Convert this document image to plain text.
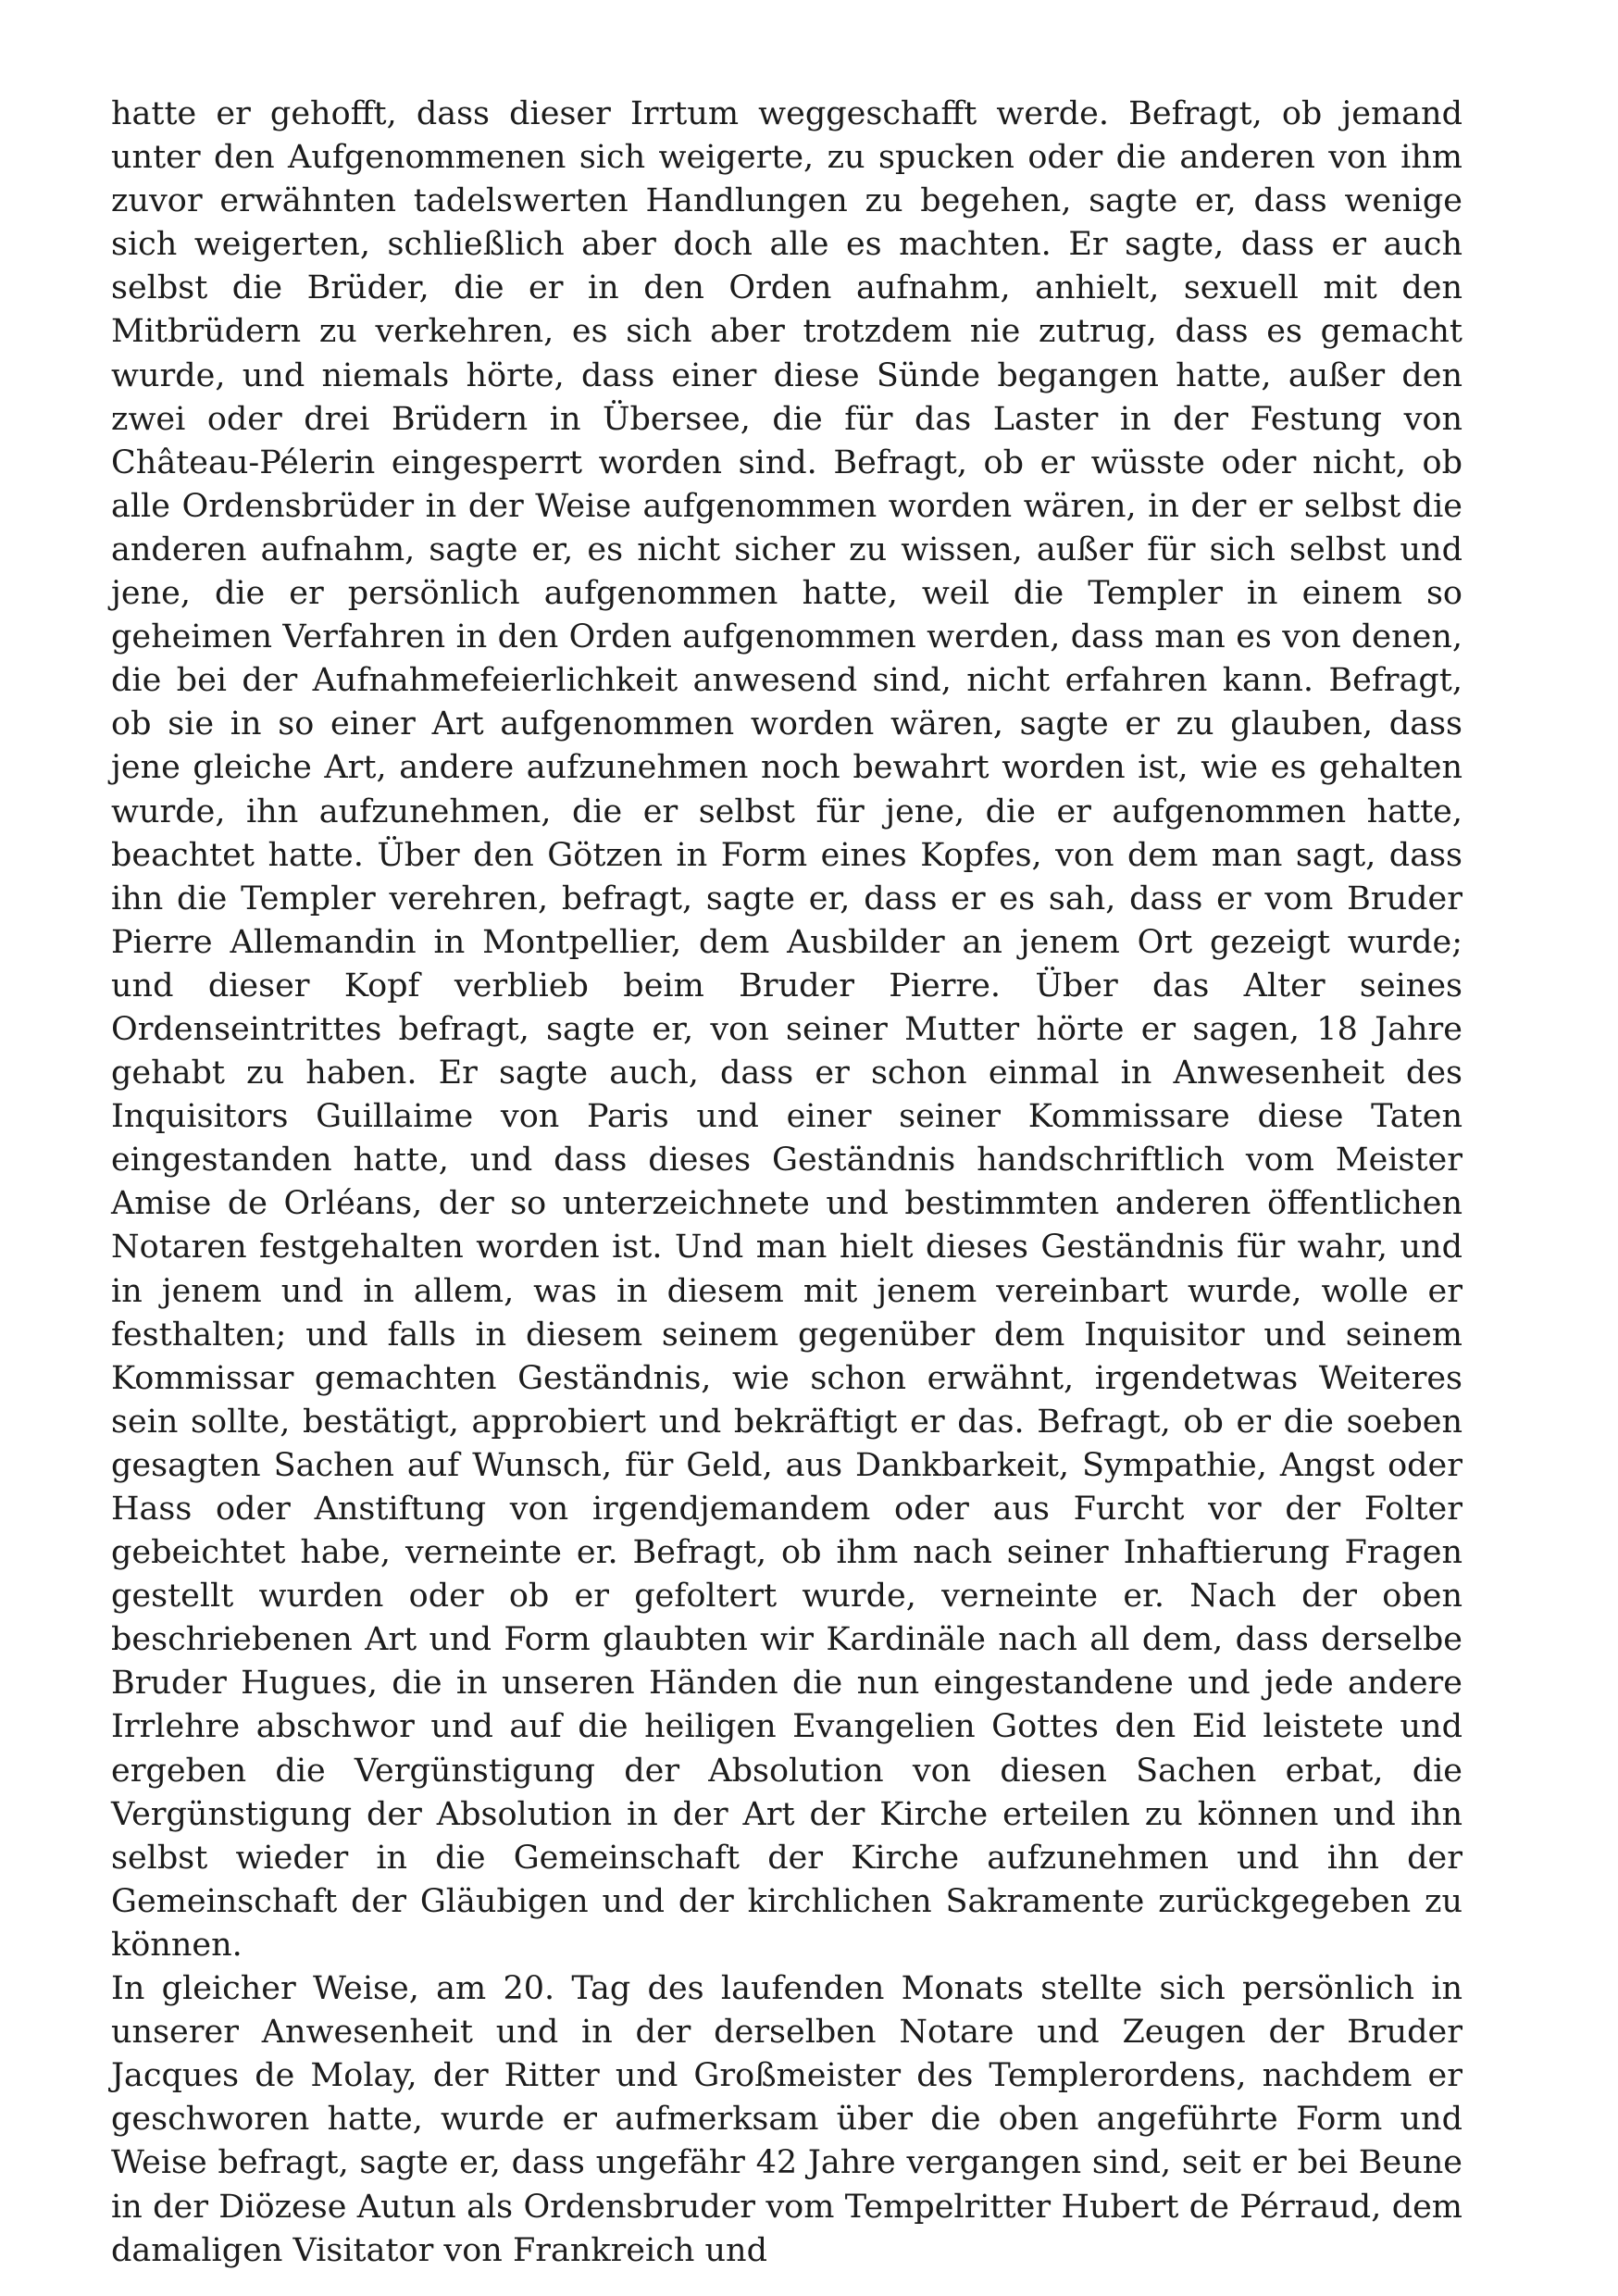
hatte er gehofft, dass dieser Irrtum weggeschafft werde. Befragt, ob jemand unter den Aufgenommenen sich weigerte, zu spucken oder die anderen von ihm zuvor erwähnten tadelswerten Handlungen zu begehen, sagte er, dass wenige sich weigerten, schließlich aber doch alle es machten. Er sagte, dass er auch selbst die Brüder, die er in den Orden aufnahm, anhielt, sexuell mit den Mitbrüdern zu verkehren, es sich aber trotzdem nie zutrug, dass es gemacht wurde, und niemals hörte, dass einer diese Sünde begangen hatte, außer den zwei oder drei Brüdern in Übersee, die für das Laster in der Festung von Château-Pélerin eingesperrt worden sind. Befragt, ob er wüsste oder nicht, ob alle Ordensbrüder in der Weise aufgenommen worden wären, in der er selbst die anderen aufnahm, sagte er, es nicht sicher zu wissen, außer für sich selbst und jene, die er persönlich aufgenommen hatte, weil die Templer in einem so geheimen Verfahren in den Orden aufgenommen werden, dass man es von denen, die bei der Aufnahmefeierlichkeit anwesend sind, nicht erfahren kann. Befragt, ob sie in so einer Art aufgenommen worden wären, sagte er zu glauben, dass jene gleiche Art, andere aufzunehmen noch bewahrt worden ist, wie es gehalten wurde, ihn aufzunehmen, die er selbst für jene, die er aufgenommen hatte, beachtet hatte. Über den Götzen in Form eines Kopfes, von dem man sagt, dass ihn die Templer verehren, befragt, sagte er, dass er es sah, dass er vom Bruder Pierre Allemandin in Montpellier, dem Ausbilder an jenem Ort gezeigt wurde; und dieser Kopf verblieb beim Bruder Pierre. Über das Alter seines Ordenseintrittes befragt, sagte er, von seiner Mutter hörte er sagen, 18 Jahre gehabt zu haben. Er sagte auch, dass er schon einmal in Anwesenheit des Inquisitors Guillaime von Paris und einer seiner Kommissare diese Taten eingestanden hatte, und dass dieses Geständnis handschriftlich vom Meister Amise de Orléans, der so unterzeichnete und bestimmten anderen öffentlichen Notaren festgehalten worden ist. Und man hielt dieses Geständnis für wahr, und in jenem und in allem, was in diesem mit jenem vereinbart wurde, wolle er festhalten; und falls in diesem seinem gegenüber dem Inquisitor und seinem Kommissar gemachten Geständnis, wie schon erwähnt, irgendetwas Weiteres sein sollte, bestätigt, approbiert und bekräftigt er das. Befragt, ob er die soeben gesagten Sachen auf Wunsch, für Geld, aus Dankbarkeit, Sympathie, Angst oder Hass oder Anstiftung von irgendjemandem oder aus Furcht vor der Folter gebeichtet habe, verneinte er. Befragt, ob ihm nach seiner Inhaftierung Fragen gestellt wurden oder ob er gefoltert wurde, verneinte er. Nach der oben beschriebenen Art und Form glaubten wir Kardinäle nach all dem, dass derselbe Bruder Hugues, die in unseren Händen die nun eingestandene und jede andere Irrlehre abschwor und auf die heiligen Evangelien Gottes den Eid leistete und ergeben die Vergünstigung der Absolution von diesen Sachen erbat, die Vergünstigung der Absolution in der Art der Kirche erteilen zu können und ihn selbst wieder in die Gemeinschaft der Kirche aufzunehmen und ihn der Gemeinschaft der Gläubigen und der kirchlichen Sakramente zurückgegeben zu können.

In gleicher Weise, am 20. Tag des laufenden Monats stellte sich persönlich in unserer Anwesenheit und in der derselben Notare und Zeugen der Bruder Jacques de Molay, der Ritter und Großmeister des Templerordens, nachdem er geschworen hatte, wurde er aufmerksam über die oben angeführte Form und Weise befragt, sagte er, dass ungefähr 42 Jahre vergangen sind, seit er bei Beune in der Diözese Autun als Ordensbruder vom Tempelritter Hubert de Pérraud, dem damaligen Visitator von Frankreich und
